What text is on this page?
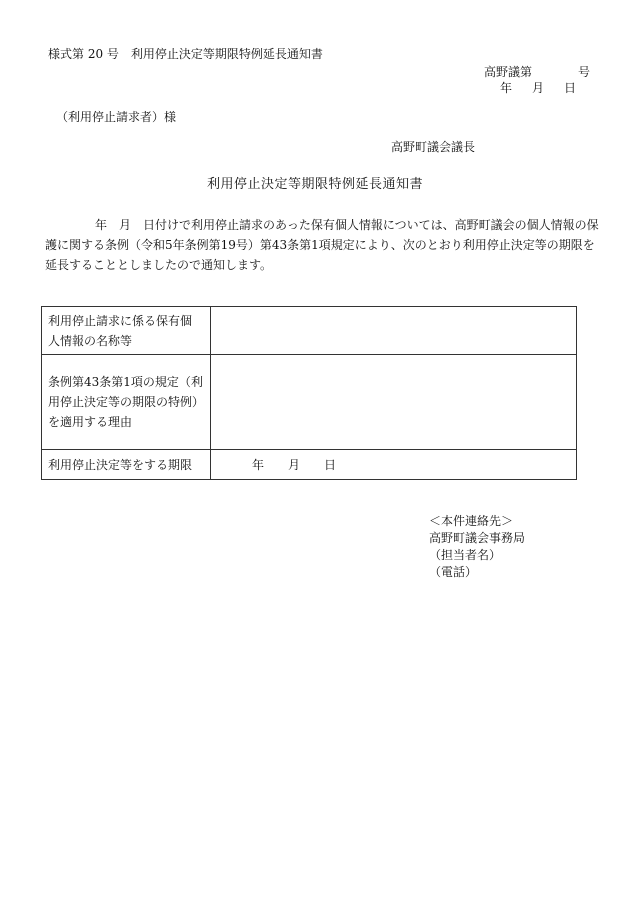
様式第 20 号　利用停止決定等期限特例延長通知書
高野議第	号
年 月 日
（利用停止請求者）様
高野町議会議長
利用停止決定等期限特例延長通知書

年　月　日付けで利用停止請求のあった保有個人情報については、高野町議会の個人情報の保

護に関する条例（令和5年条例第19号）第43条第1項規定により、次のとおり利用停止決定等の期限を

延長することとしましたので通知します。

利用停止請求に係る保有個
人情報の名称等	

条例第43条第1項の規定（利
用停止決定等の期限の特例）
を適用する理由	

利用停止決定等をする期限	年　　月　　日
＜本件連絡先＞
高野町議会事務局
（担当者名）
（電話）
